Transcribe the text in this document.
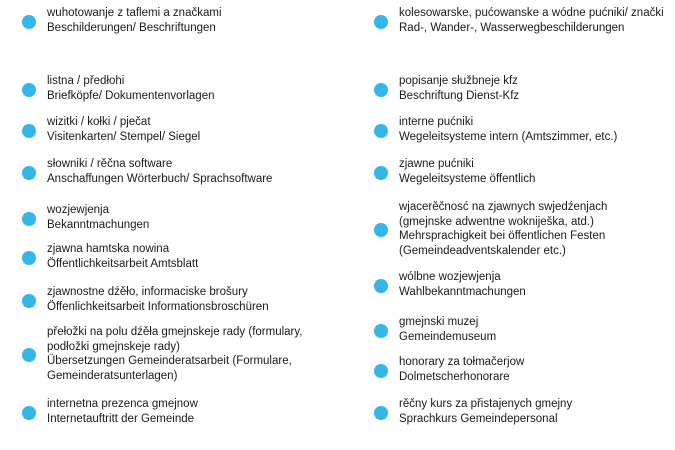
wuhotowanje z taflemi a značkami
Beschilderungen/ Beschriftungen
listna / předłohi
Briefköpfe/ Dokumentenvorlagen
wizitki / kołki / pječat
Visitenkarten/ Stempel/ Siegel
słowniki / rěčna software
Anschaffungen Wörterbuch/ Sprachsoftware
wozjewjenja
Bekanntmachungen
zjawna hamtska nowina
Öffentlichkeitsarbeit Amtsblatt
zjawnostne dźěło, informaciske brošury
Öffenlichkeitsarbeit Informationsbroschüren
přełožki na polu dźěła gmejnskeje rady (formulary,
podłožki gmejnskeje rady)
Übersetzungen Gemeinderatsarbeit (Formulare,
Gemeinderatsunterlagen)
internetna prezenca gmejnow
Internetauftritt der Gemeinde
kolesowarske, pućowanske a wódne pućniki/ znački
Rad-, Wander-, Wasserwegbeschilderungen
popisanje słužbneje kfz
Beschriftung Dienst-Kfz
interne pućniki
Wegeleitsysteme intern (Amtszimmer, etc.)
zjawne pućniki
Wegeleitsysteme öffentlich
wjacerěčnosć na zjawnych swjedźenjach
(gmejnske adwentne wokniješka, atd.)
Mehrsprachigkeit bei öffentlichen Festen
(Gemeindeadventskalender etc.)
wólbne wozjewjenja
Wahlbekanntmachungen
gmejnski muzej
Gemeindemuseum
honorary za tołmačerjow
Dolmetscherhonorare
rěčny kurs za přistajenych gmejny
Sprachkurs Gemeindepersonal
